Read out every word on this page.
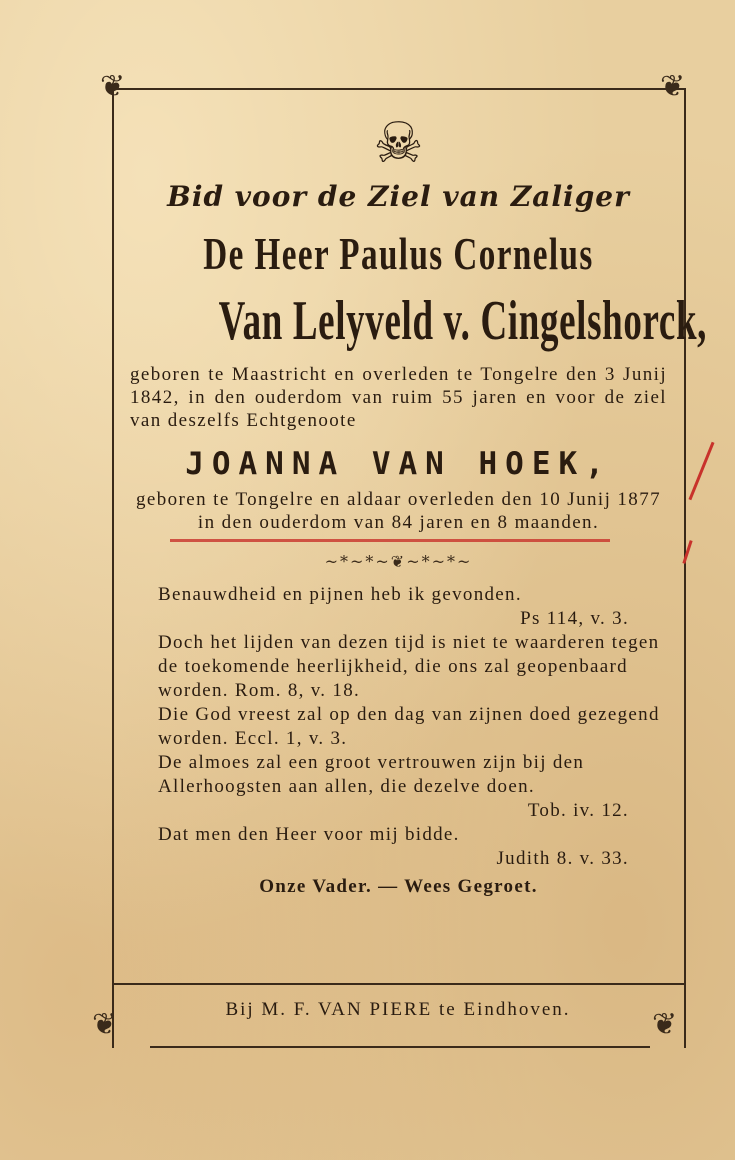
❦	❦
❦	❦
☠
Bid voor de Ziel van Zaliger
De Heer Paulus Cornelus
Van Lelyveld v. Cingelshorck,
geboren te Maastricht en overleden te Tongelre den 3 Junij 1842, in den ouderdom van ruim 55 jaren en voor de ziel van deszelfs Echtgenoote
JOANNA VAN HOEK,
geboren te Tongelre en aldaar overleden den 10 Junij 1877 in den ouderdom van 84 jaren en 8 maanden.
~*~*~❦~*~*~
Benauwdheid en pijnen heb ik gevonden.
Ps 114, v. 3.
Doch het lijden van dezen tijd is niet te waarderen tegen de toekomende heerlijkheid, die ons zal geopenbaard worden. Rom. 8, v. 18.
Die God vreest zal op den dag van zijnen doed gezegend worden. Eccl. 1, v. 3.
De almoes zal een groot vertrouwen zijn bij den Allerhoogsten aan allen, die dezelve doen.
Tob. iv. 12.
Dat men den Heer voor mij bidde.
Judith 8. v. 33.
Onze Vader. — Wees Gegroet.
Bij M. F. VAN PIERE te Eindhoven.
